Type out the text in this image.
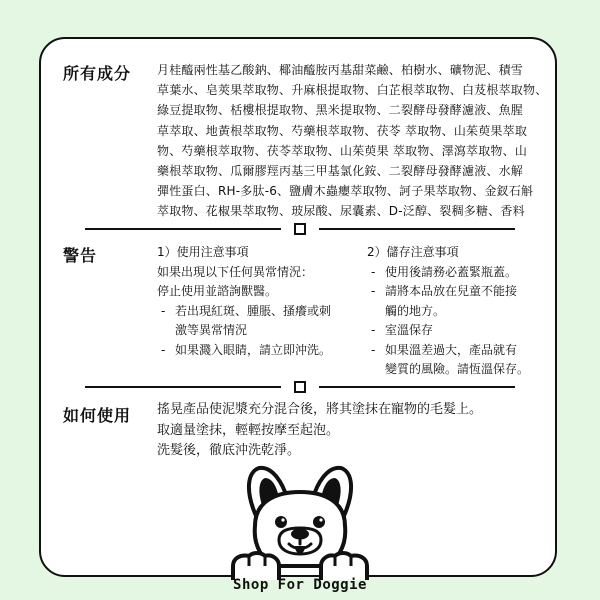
所有成分 月桂醯兩性基乙酸鈉、椰油醯胺丙基甜菜鹼、柏樹水、礦物泥、積雪
草葉水、皂莢果萃取物、升麻根提取物、白芷根萃取物、白芨根萃取物、
綠豆提取物、栝樓根提取物、黑米提取物、二裂酵母發酵濾液、魚腥
草萃取、地黃根萃取物、芍藥根萃取物、茯苓 萃取物、山茱萸果萃取
物、芍藥根萃取物、茯苓萃取物、山茱萸果 萃取物、澤瀉萃取物、山
藥根萃取物、瓜爾膠羥丙基三甲基氯化銨、二裂酵母發酵濾液、水解
彈性蛋白、RH-多肽-6、鹽膚木蟲癭萃取物、訶子果萃取物、金釵石斛
萃取物、花椒果萃取物、玻尿酸、尿囊素、D-泛醇、裂稠多糖、香料
警告	1）使用注意事項
如果出現以下任何異常情況：
停止使用並諮詢獸醫。
- 若出現紅斑、腫脹、搔癢或刺
激等異常情況
- 如果濺入眼睛，請立即沖洗。
2）儲存注意事項
- 使用後請務必蓋緊瓶蓋。
- 請將本品放在兒童不能接
觸的地方。
- 室溫保存
- 如果溫差過大，產品就有
變質的風險。請恆溫保存。
如何使用 搖晃產品使泥漿充分混合後，將其塗抹在寵物的毛髮上。
取適量塗抹，輕輕按摩至起泡。
洗髮後，徹底沖洗乾淨。
Shop For Doggie
